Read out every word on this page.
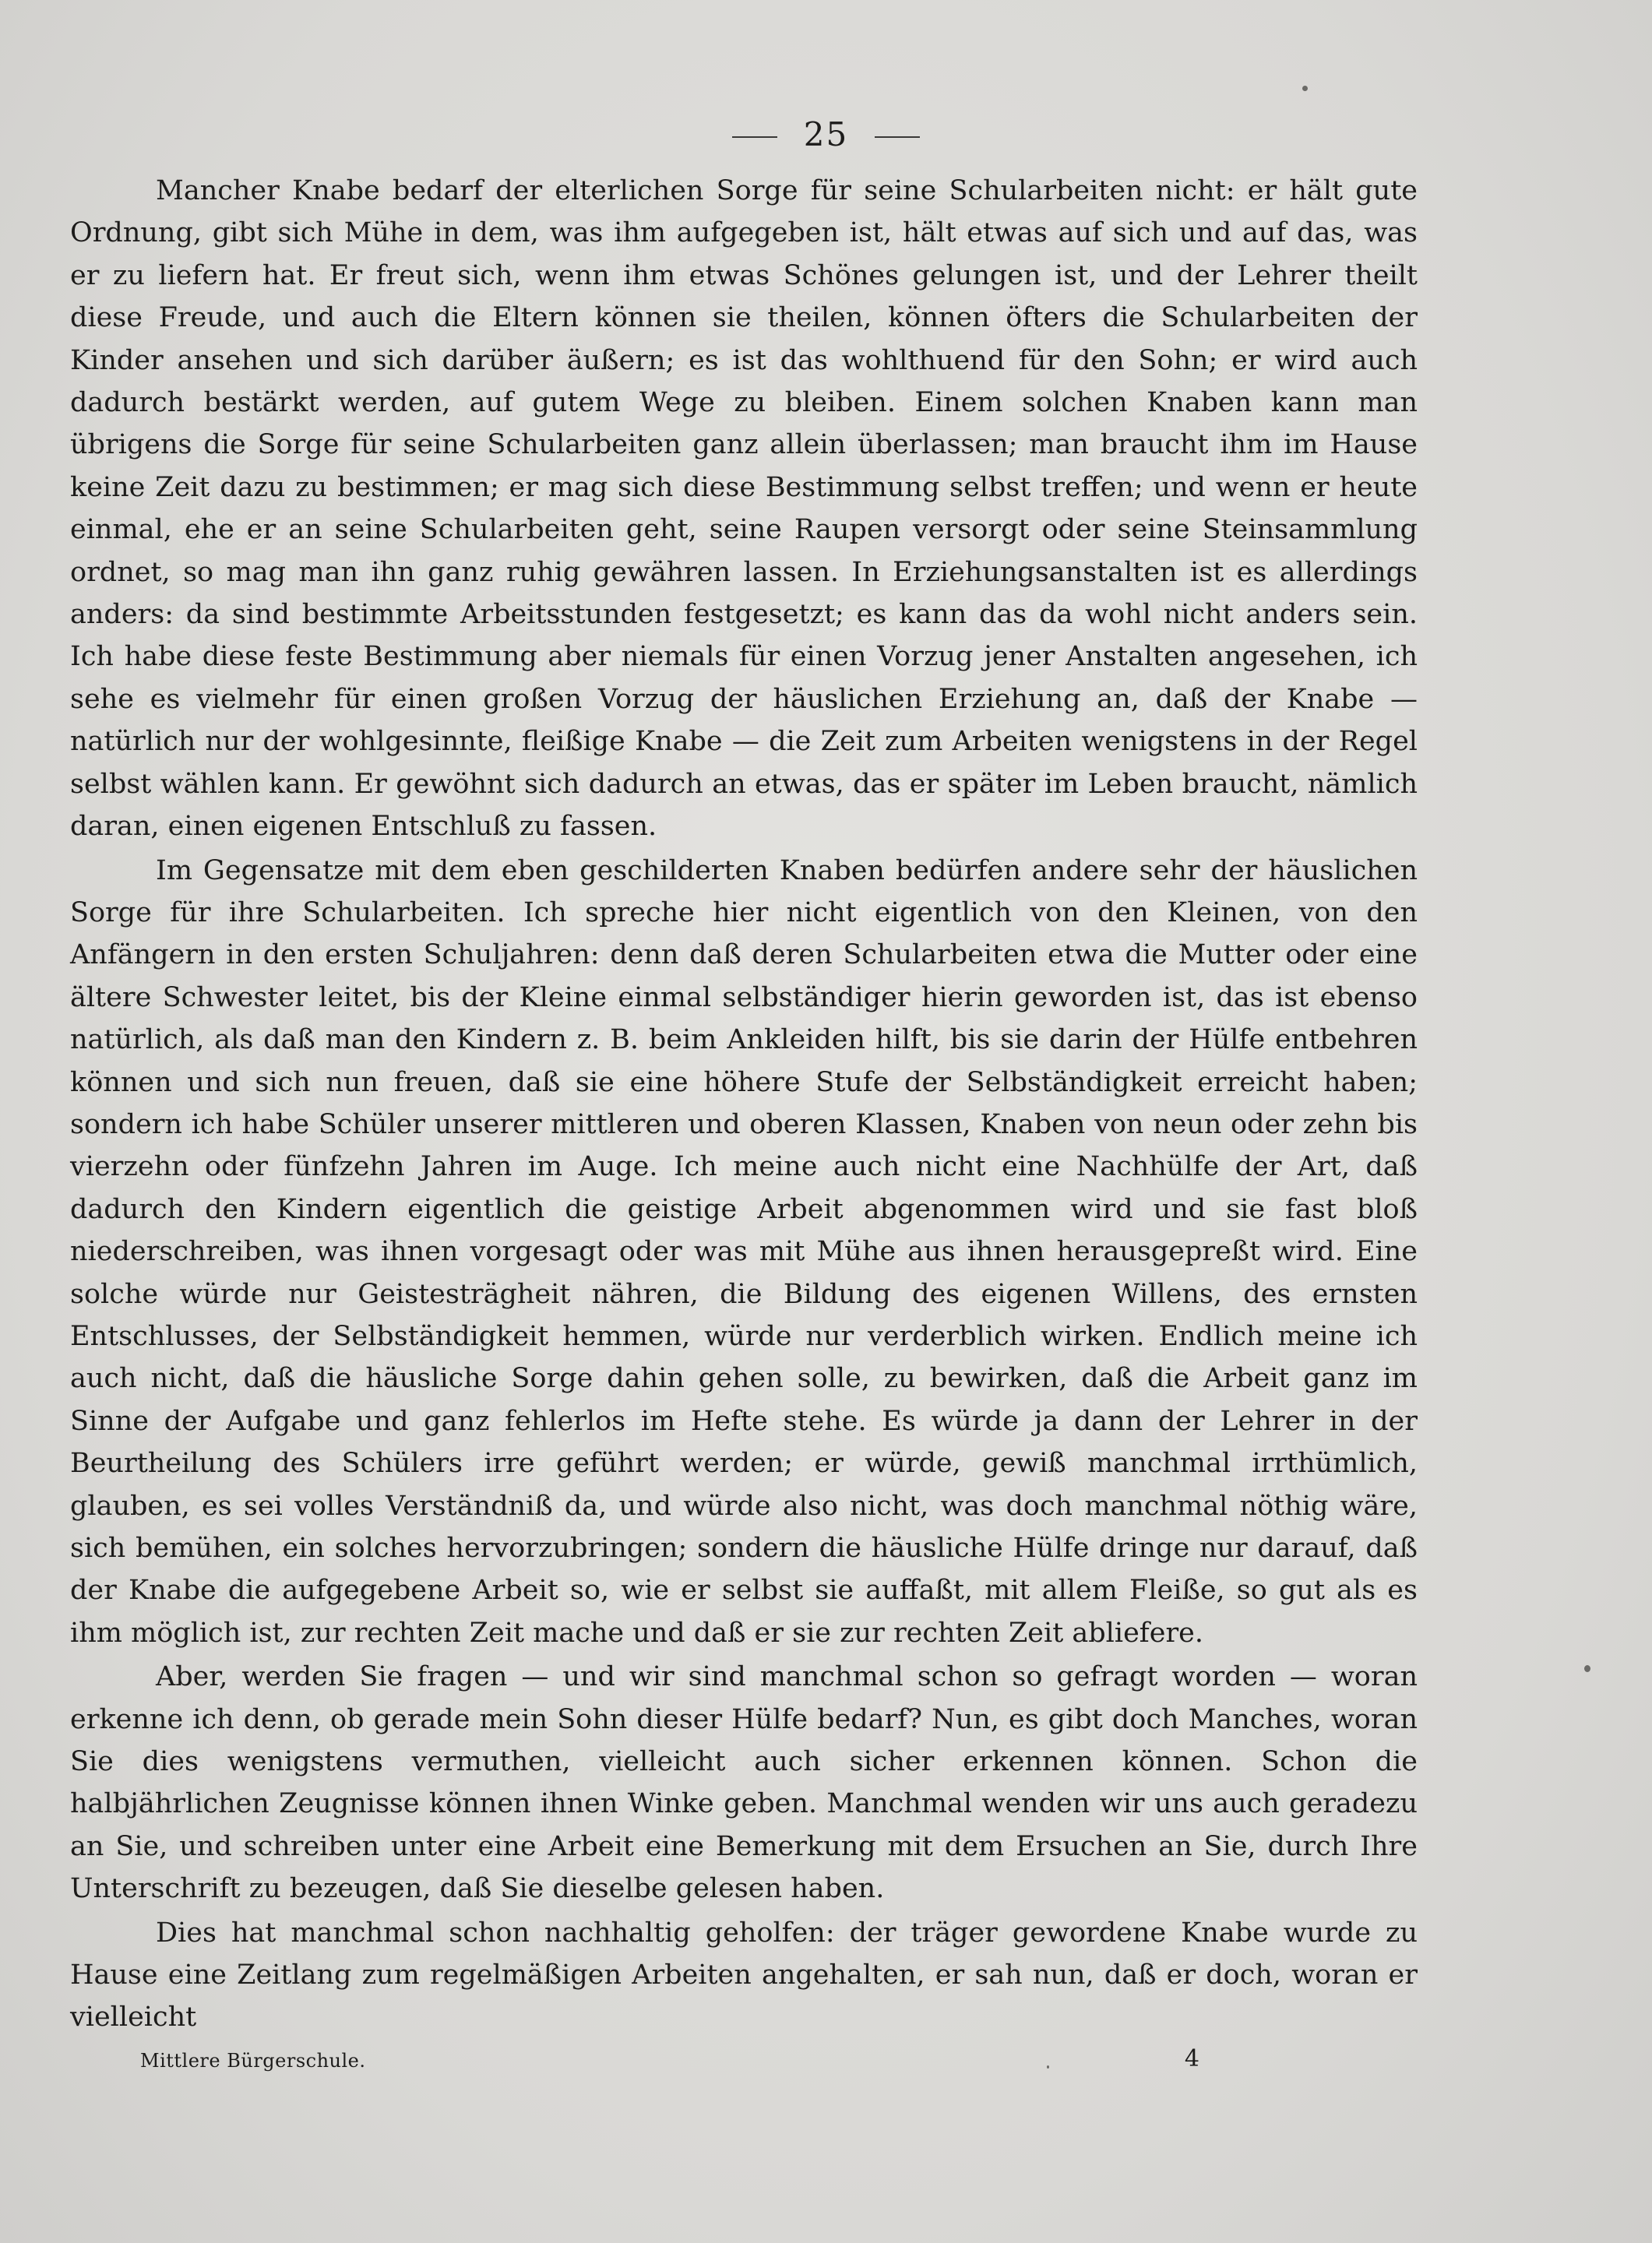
25

Mancher Knabe bedarf der elterlichen Sorge für seine Schularbeiten nicht: er hält gute Ordnung, gibt sich Mühe in dem, was ihm aufgegeben ist, hält etwas auf sich und auf das, was er zu liefern hat. Er freut sich, wenn ihm etwas Schönes gelungen ist, und der Lehrer theilt diese Freude, und auch die Eltern können sie theilen, können öfters die Schularbeiten der Kinder ansehen und sich darüber äußern; es ist das wohlthuend für den Sohn; er wird auch dadurch bestärkt werden, auf gutem Wege zu bleiben. Einem solchen Knaben kann man übrigens die Sorge für seine Schularbeiten ganz allein überlassen; man braucht ihm im Hause keine Zeit dazu zu bestimmen; er mag sich diese Bestimmung selbst treffen; und wenn er heute einmal, ehe er an seine Schularbeiten geht, seine Raupen versorgt oder seine Steinsammlung ordnet, so mag man ihn ganz ruhig gewähren lassen. In Erziehungsanstalten ist es allerdings anders: da sind bestimmte Arbeitsstunden festgesetzt; es kann das da wohl nicht anders sein. Ich habe diese feste Bestimmung aber niemals für einen Vorzug jener Anstalten angesehen, ich sehe es vielmehr für einen großen Vorzug der häuslichen Erziehung an, daß der Knabe — natürlich nur der wohlgesinnte, fleißige Knabe — die Zeit zum Arbeiten wenigstens in der Regel selbst wählen kann. Er gewöhnt sich dadurch an etwas, das er später im Leben braucht, nämlich daran, einen eigenen Entschluß zu fassen.

Im Gegensatze mit dem eben geschilderten Knaben bedürfen andere sehr der häuslichen Sorge für ihre Schularbeiten. Ich spreche hier nicht eigentlich von den Kleinen, von den Anfängern in den ersten Schuljahren: denn daß deren Schularbeiten etwa die Mutter oder eine ältere Schwester leitet, bis der Kleine einmal selbständiger hierin geworden ist, das ist ebenso natürlich, als daß man den Kindern z. B. beim Ankleiden hilft, bis sie darin der Hülfe entbehren können und sich nun freuen, daß sie eine höhere Stufe der Selbständigkeit erreicht haben; sondern ich habe Schüler unserer mittleren und oberen Klassen, Knaben von neun oder zehn bis vierzehn oder fünfzehn Jahren im Auge. Ich meine auch nicht eine Nachhülfe der Art, daß dadurch den Kindern eigentlich die geistige Arbeit abgenommen wird und sie fast bloß niederschreiben, was ihnen vorgesagt oder was mit Mühe aus ihnen herausgepreßt wird. Eine solche würde nur Geistesträgheit nähren, die Bildung des eigenen Willens, des ernsten Entschlusses, der Selbständigkeit hemmen, würde nur verderblich wirken. Endlich meine ich auch nicht, daß die häusliche Sorge dahin gehen solle, zu bewirken, daß die Arbeit ganz im Sinne der Aufgabe und ganz fehlerlos im Hefte stehe. Es würde ja dann der Lehrer in der Beurtheilung des Schülers irre geführt werden; er würde, gewiß manchmal irrthümlich, glauben, es sei volles Verständniß da, und würde also nicht, was doch manchmal nöthig wäre, sich bemühen, ein solches hervorzubringen; sondern die häusliche Hülfe dringe nur darauf, daß der Knabe die aufgegebene Arbeit so, wie er selbst sie auffaßt, mit allem Fleiße, so gut als es ihm möglich ist, zur rechten Zeit mache und daß er sie zur rechten Zeit abliefere.

Aber, werden Sie fragen — und wir sind manchmal schon so gefragt worden — woran erkenne ich denn, ob gerade mein Sohn dieser Hülfe bedarf? Nun, es gibt doch Manches, woran Sie dies wenigstens vermuthen, vielleicht auch sicher erkennen können. Schon die halbjährlichen Zeugnisse können ihnen Winke geben. Manchmal wenden wir uns auch geradezu an Sie, und schreiben unter eine Arbeit eine Bemerkung mit dem Ersuchen an Sie, durch Ihre Unterschrift zu bezeugen, daß Sie dieselbe gelesen haben.

Dies hat manchmal schon nachhaltig geholfen: der träger gewordene Knabe wurde zu Hause eine Zeitlang zum regelmäßigen Arbeiten angehalten, er sah nun, daß er doch, woran er vielleicht

Mittlere Bürgerschule.	4
